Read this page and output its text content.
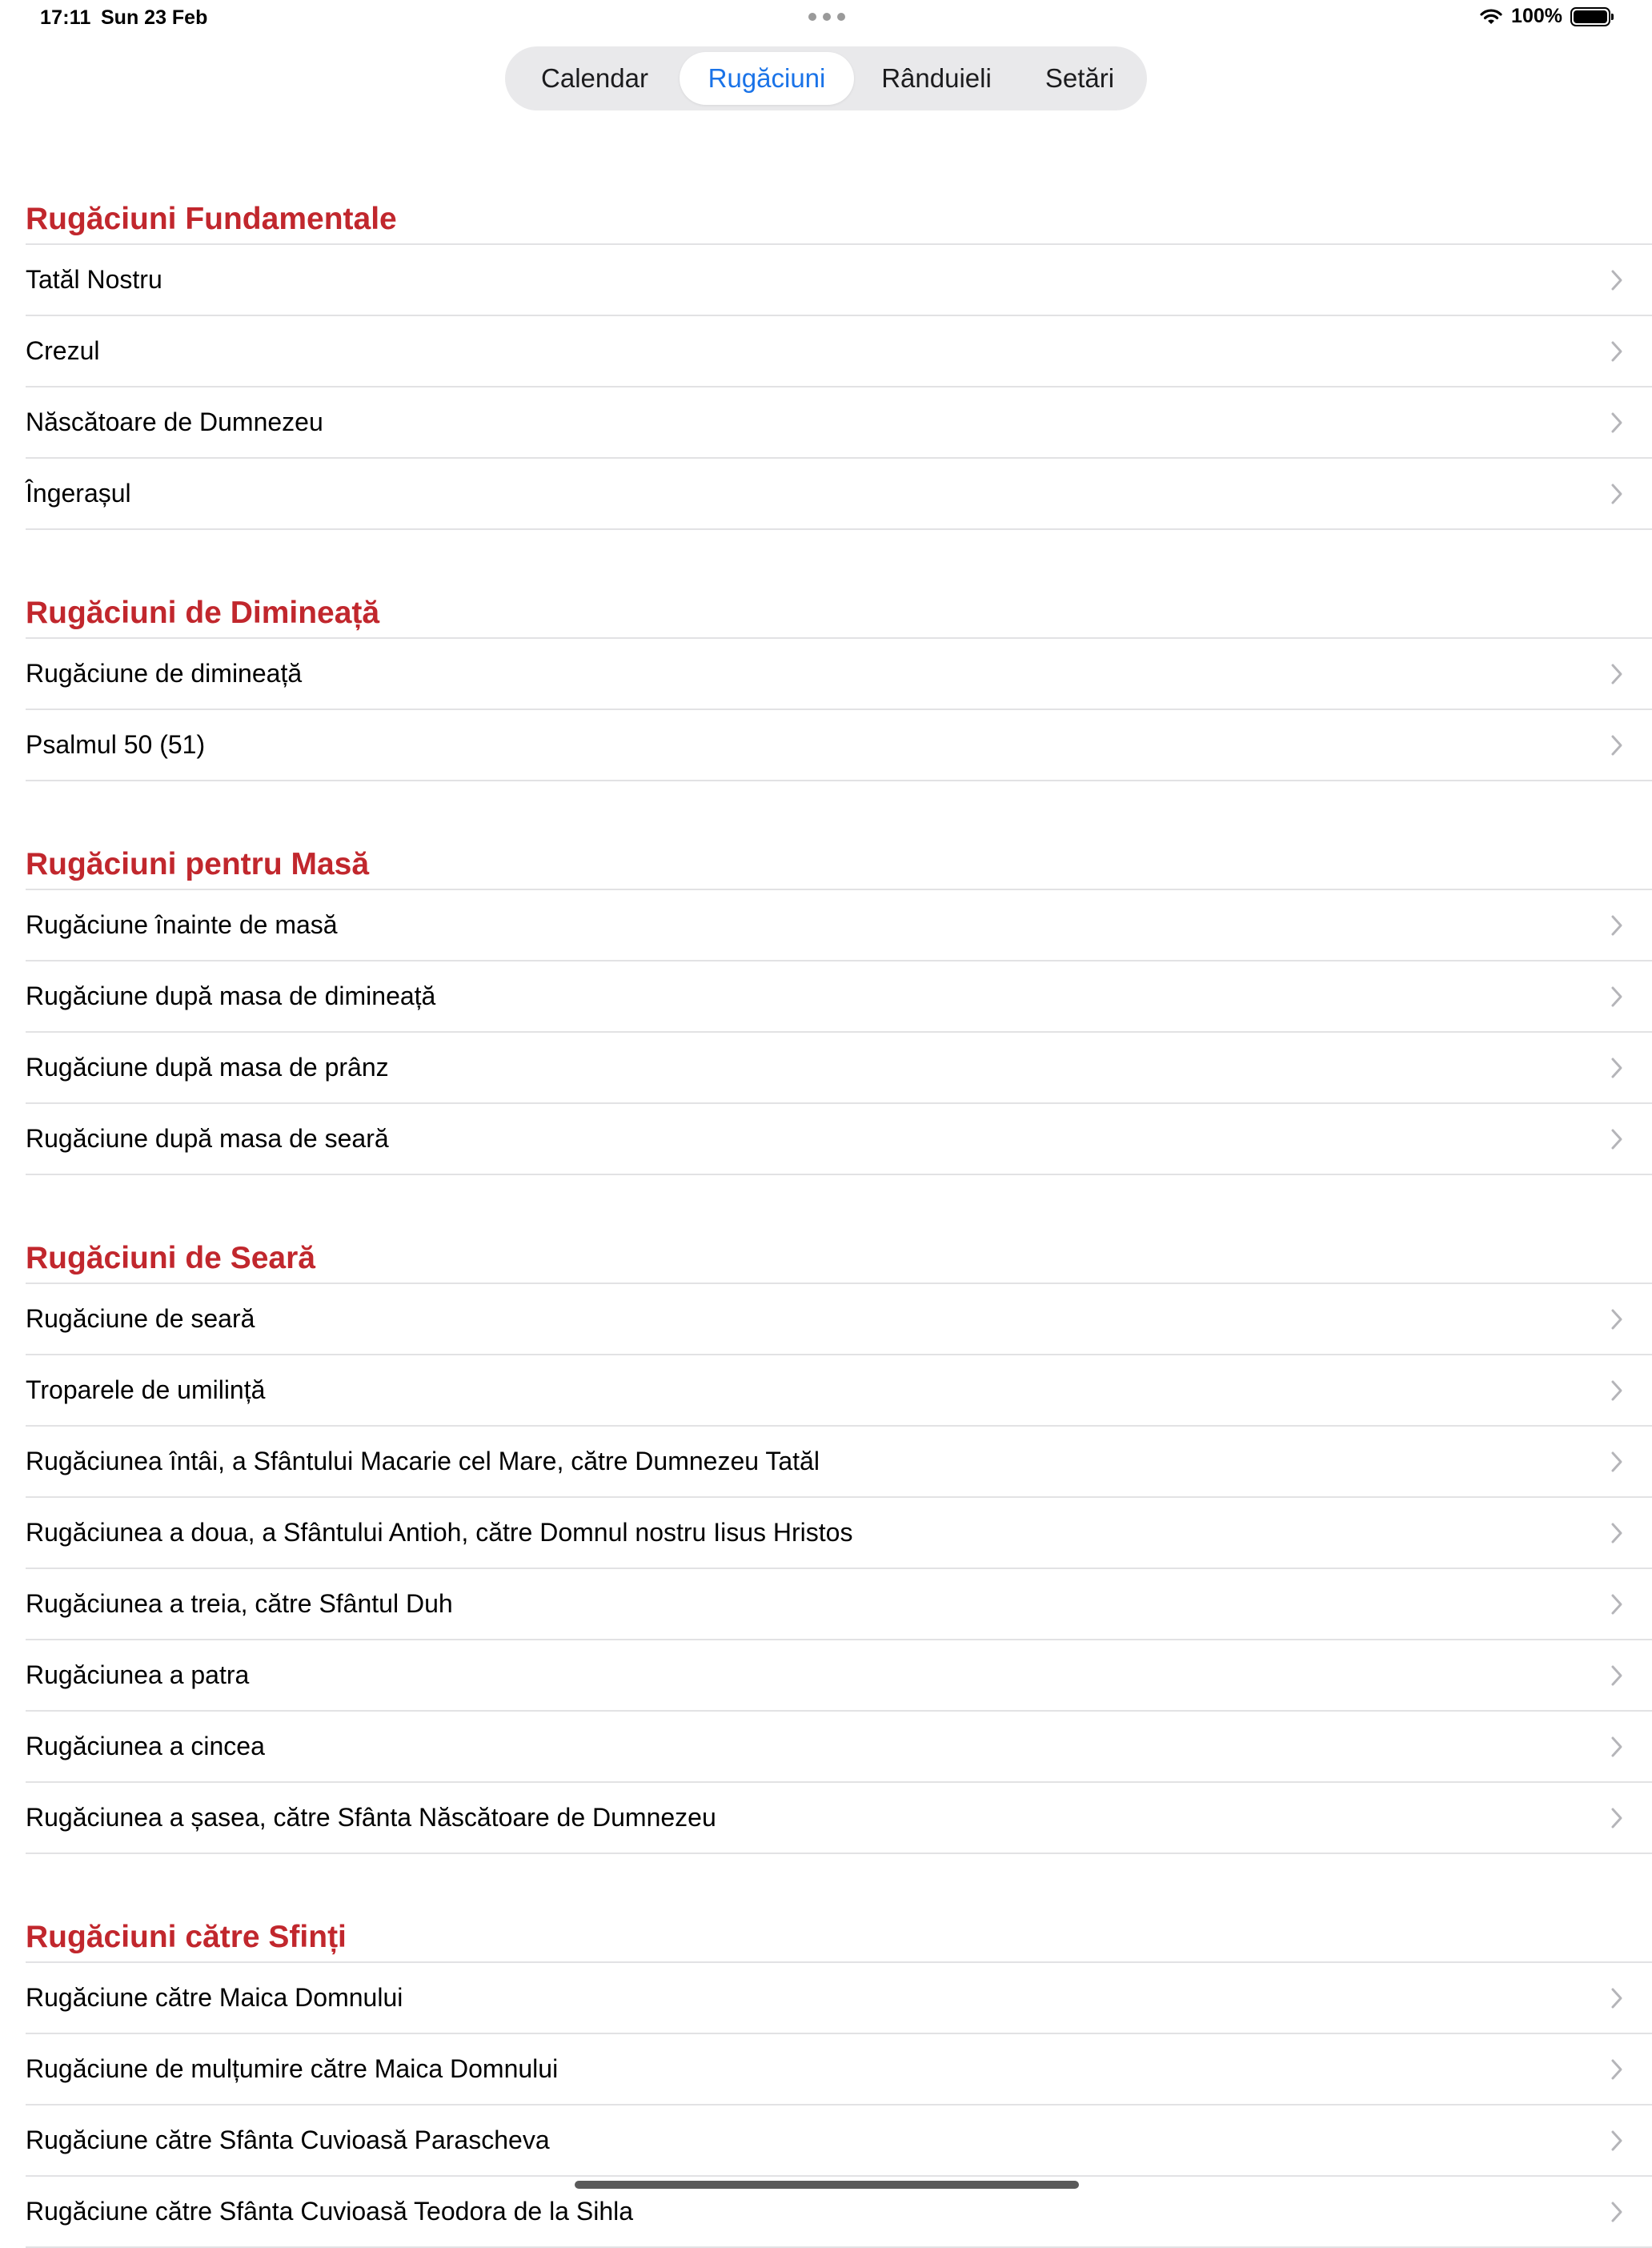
17:11 Sun 23 Feb	100%
Calendar	Rugăciuni	Rânduieli	Setări
Rugăciuni Fundamentale
Tatăl Nostru
Crezul
Născătoare de Dumnezeu
Îngerașul
Rugăciuni de Dimineață
Rugăciune de dimineață
Psalmul 50 (51)
Rugăciuni pentru Masă
Rugăciune înainte de masă
Rugăciune după masa de dimineață
Rugăciune după masa de prânz
Rugăciune după masa de seară
Rugăciuni de Seară
Rugăciune de seară
Troparele de umilință
Rugăciunea întâi, a Sfântului Macarie cel Mare, către Dumnezeu Tatăl
Rugăciunea a doua, a Sfântului Antioh, către Domnul nostru Iisus Hristos
Rugăciunea a treia, către Sfântul Duh
Rugăciunea a patra
Rugăciunea a cincea
Rugăciunea a șasea, către Sfânta Născătoare de Dumnezeu
Rugăciuni către Sfinți
Rugăciune către Maica Domnului
Rugăciune de mulțumire către Maica Domnului
Rugăciune către Sfânta Cuvioasă Parascheva
Rugăciune către Sfânta Cuvioasă Teodora de la Sihla
